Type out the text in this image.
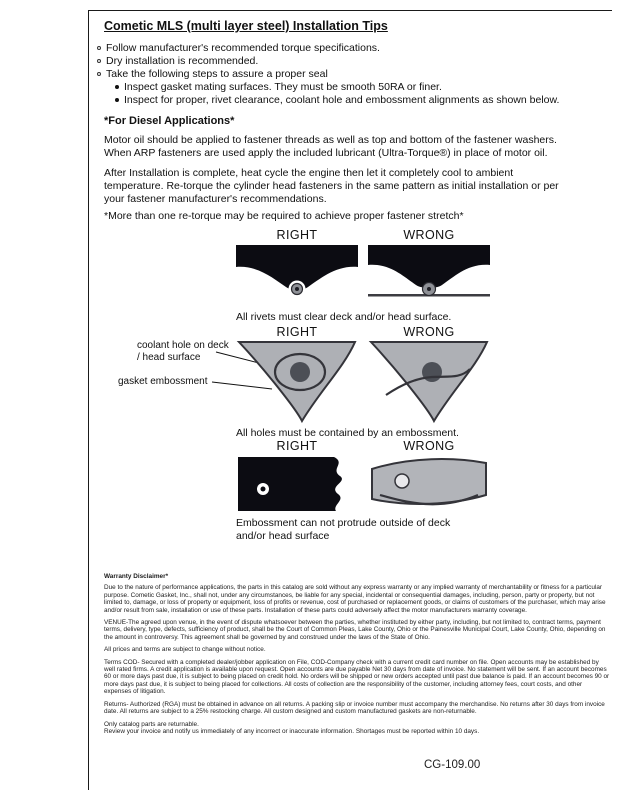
Cometic MLS (multi layer steel) Installation Tips
Follow manufacturer's recommended torque specifications.
Dry installation is recommended.
Take the following steps to assure a proper seal
Inspect gasket mating surfaces. They must be smooth 50RA or finer.
Inspect for proper, rivet clearance, coolant hole and embossment alignments as shown below.
*For Diesel Applications*

Motor oil should be applied to fastener threads as well as top and bottom of the fastener washers. When ARP fasteners are used apply the included lubricant (Ultra-Torque®) in place of motor oil.

After Installation is complete, heat cycle the engine then let it completely cool to ambient temperature. Re-torque the cylinder head fasteners in the same pattern as initial installation or per your fastener manufacturer's recommendations.

*More than one re-torque may be required to achieve proper fastener stretch*

RIGHT	WRONG
All rivets must clear deck and/or head surface.
RIGHT	WRONG
coolant hole on deck / head surface
gasket embossment
All holes must be contained by an embossment.
RIGHT	WRONG
Embossment can not protrude outside of deck and/or head surface
Warranty Disclaimer*

Due to the nature of performance applications, the parts in this catalog are sold without any express warranty or any implied warranty of merchantability or fitness for a particular purpose. Cometic Gasket, Inc., shall not, under any circumstances, be liable for any special, incidental or consequential damages, including, person, party or property, but not limited to, damage, or loss of property or equipment, loss of profits or revenue, cost of purchased or replacement goods, or claims of customers of the purchaser, which may arise and/or result from sale, installation or use of these parts. Installation of these parts could adversely affect the motor manufacturers warranty coverage.

VENUE-The agreed upon venue, in the event of dispute whatsoever between the parties, whether instituted by either party, including, but not limited to, contract terms, payment terms, delivery, type, defects, sufficiency of product, shall be the Court of Common Pleas, Lake County, Ohio or the Painesville Municipal Court, Lake County, Ohio, depending on the amount in controversy. This agreement shall be governed by and construed under the laws of the State of Ohio.

All prices and terms are subject to change without notice.

Terms COD- Secured with a completed dealer/jobber application on File, COD-Company check with a current credit card number on file. Open accounts may be established by well rated firms. A credit application is available upon request. Open accounts are due payable Net 30 days from date of invoice. No statement will be sent. If an account becomes 60 or more days past due, it is subject to being placed on credit hold. No orders will be shipped or new orders accepted until past due balance is paid. If an account becomes 90 or more days past due, it is subject to being placed for collections. All costs of collection are the responsibility of the customer, including attorney fees, court costs, and other expenses of litigation.

Returns- Authorized (RGA) must be obtained in advance on all returns. A packing slip or invoice number must accompany the merchandise. No returns after 30 days from invoice date. All returns are subject to a 25% restocking charge. All custom designed and custom manufactured gaskets are non-returnable.

Only catalog parts are returnable.

Review your invoice and notify us immediately of any incorrect or inaccurate information. Shortages must be reported within 10 days.

CG-109.00
